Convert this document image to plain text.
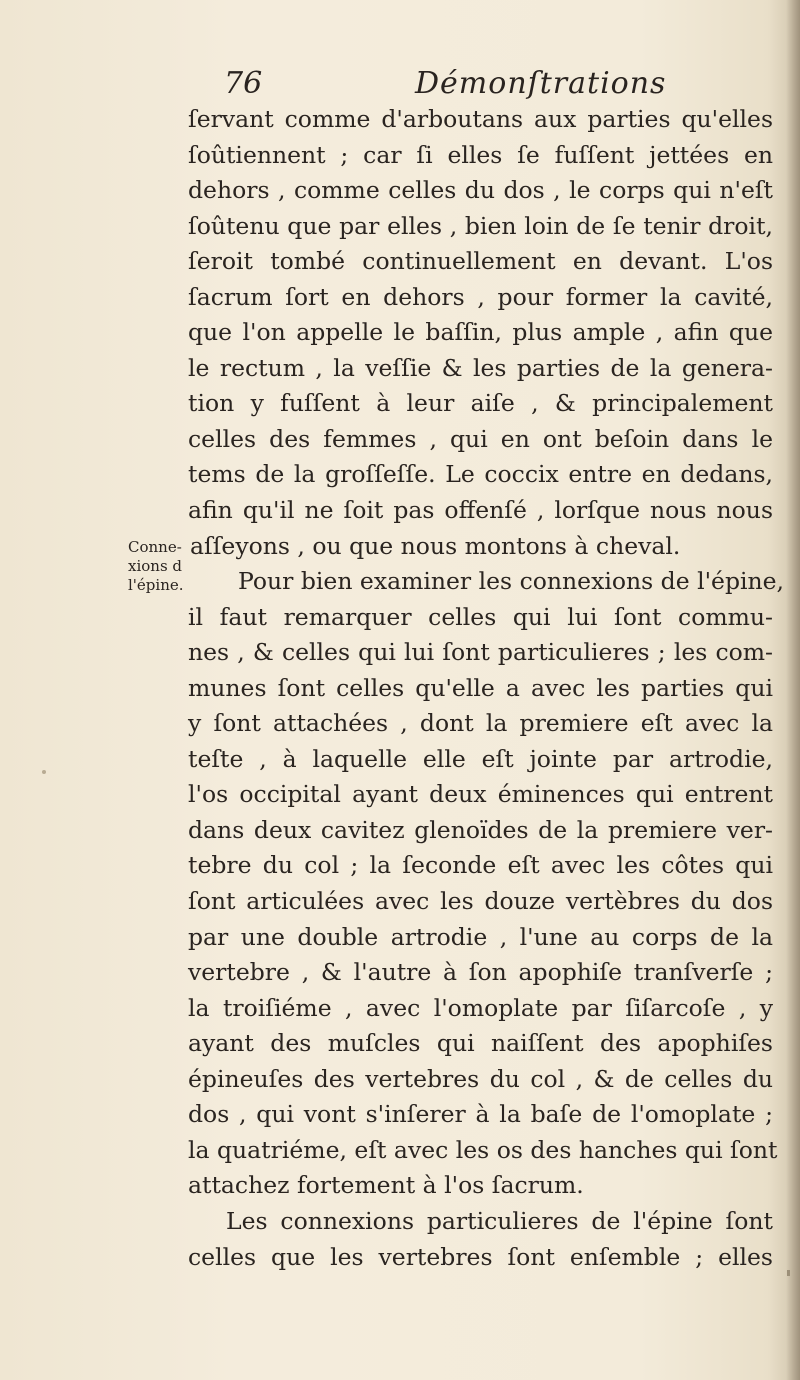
76	Démonſtrations
Conne-
xions d
l'épine.
ſervant comme d'arboutans aux parties qu'elles
ſoûtiennent ; car ſi elles ſe fuſſent jettées en
dehors , comme celles du dos , le corps qui n'eſt
ſoûtenu que par elles , bien loin de ſe tenir droit,
ſeroit tombé continuellement en devant. L'os
ſacrum ſort en dehors , pour former la cavité,
que l'on appelle le baſſin, plus ample , afin que
le rectum , la veſſie & les parties de la genera-
tion y fuſſent à leur aiſe , & principalement
celles des femmes , qui en ont beſoin dans le
tems de la groſſeſſe. Le coccix entre en dedans,
afin qu'il ne ſoit pas offenſé , lorſque nous nous
aſſeyons , ou que nous montons à cheval.
Pour bien examiner les connexions de l'épine,
il faut remarquer celles qui lui ſont commu-
nes , & celles qui lui ſont particulieres ; les com-
munes ſont celles qu'elle a avec les parties qui
y ſont attachées , dont la premiere eſt avec la
teſte , à laquelle elle eſt jointe par artrodie,
l'os occipital ayant deux éminences qui entrent
dans deux cavitez glenoïdes de la premiere ver-
tebre du col ; la ſeconde eſt avec les côtes qui
ſont articulées avec les douze vertèbres du dos
par une double artrodie , l'une au corps de la
vertebre , & l'autre à ſon apophiſe tranſverſe ;
la troiſiéme , avec l'omoplate par ſiſarcoſe , y
ayant des muſcles qui naiſſent des apophiſes
épineuſes des vertebres du col , & de celles du
dos , qui vont s'inſerer à la baſe de l'omoplate ;
la quatriéme, eſt avec les os des hanches qui ſont
attachez fortement à l'os ſacrum.
Les connexions particulieres de l'épine ſont
celles que les vertebres ſont enſemble ; elles
